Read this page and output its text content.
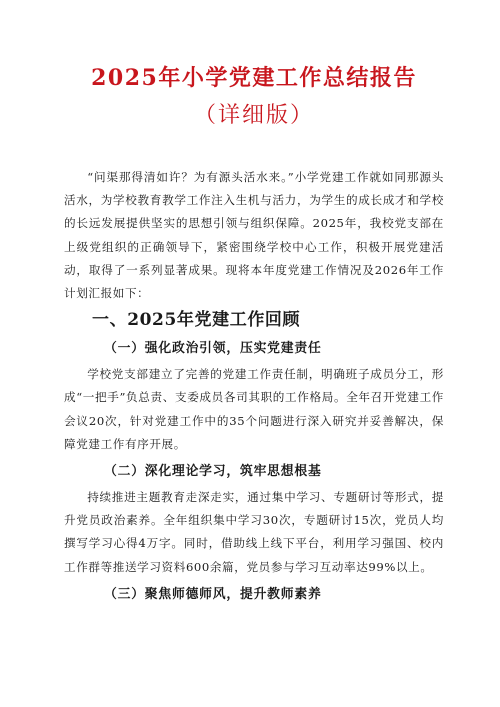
2025年小学党建工作总结报告
（详细版）

“问渠那得清如许？为有源头活水来。”小学党建工作就如同那源头活水，为学校教育教学工作注入生机与活力，为学生的成长成才和学校的长远发展提供坚实的思想引领与组织保障。2025年，我校党支部在上级党组织的正确领导下，紧密围绕学校中心工作，积极开展党建活动，取得了一系列显著成果。现将本年度党建工作情况及2026年工作计划汇报如下：

一、2025年党建工作回顾
（一）强化政治引领，压实党建责任

学校党支部建立了完善的党建工作责任制，明确班子成员分工，形成“一把手”负总责、支委成员各司其职的工作格局。全年召开党建工作会议20次，针对党建工作中的35个问题进行深入研究并妥善解决，保障党建工作有序开展。

（二）深化理论学习，筑牢思想根基

持续推进主题教育走深走实，通过集中学习、专题研讨等形式，提升党员政治素养。全年组织集中学习30次，专题研讨15次，党员人均撰写学习心得4万字。同时，借助线上线下平台，利用学习强国、校内工作群等推送学习资料600余篇，党员参与学习互动率达99%以上。

（三）聚焦师德师风，提升教师素养
